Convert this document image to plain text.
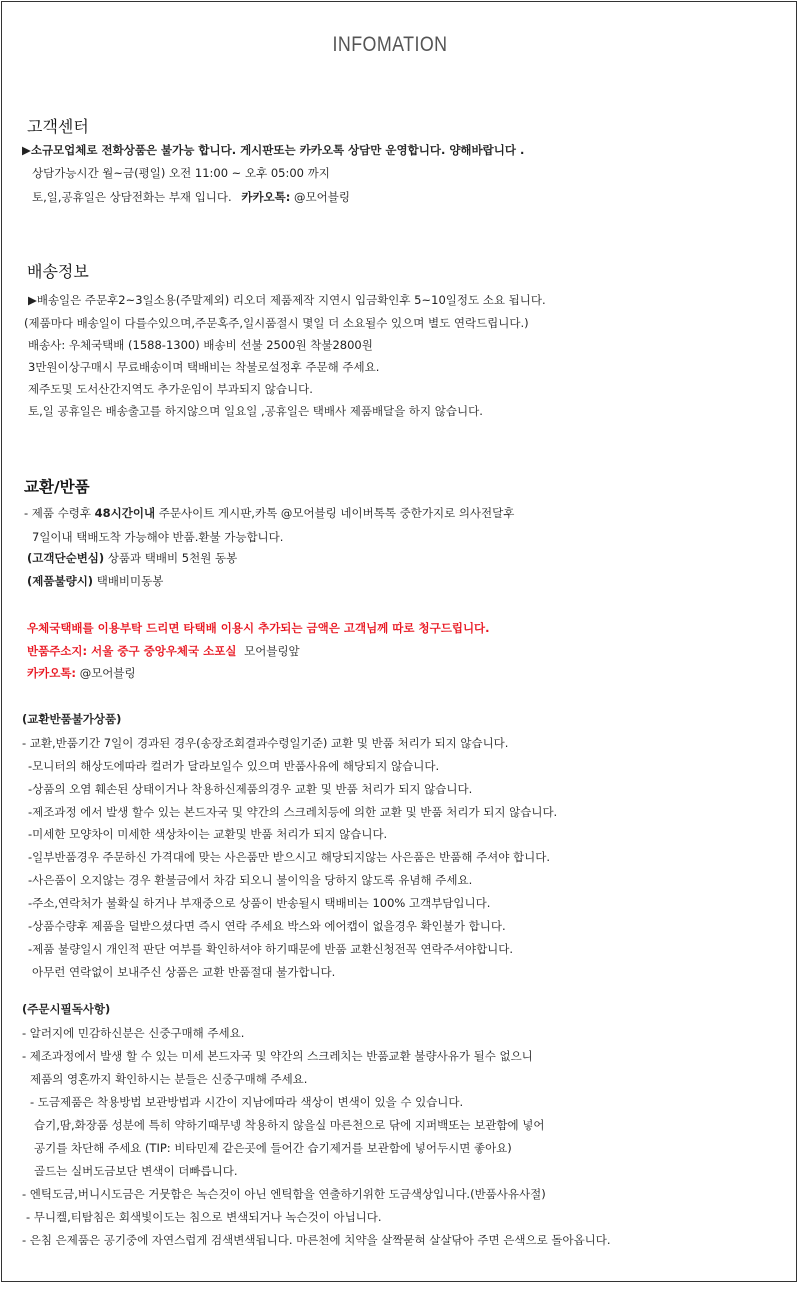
INFOMATION
고객센터
▶소규모업체로 전화상품은 불가능 합니다. 게시판또는 카카오톡 상담만 운영합니다. 양해바랍니다 .
상담가능시간 월~금(평일) 오전 11:00 ~ 오후 05:00 까지
토,일,공휴일은 상담전화는 부재 입니다. 카카오톡: @모어블링
배송정보
▶배송일은 주문후2~3일소용(주말제외) 리오더 제품제작 지연시 입금확인후 5~10일정도 소요 됩니다.
(제품마다 배송일이 다를수있으며,주문혹주,일시품절시 몇일 더 소요될수 있으며 별도 연락드립니다.)
배송사: 우체국택배 (1588-1300) 배송비 선불 2500원 착불2800원
3만원이상구매시 무료배송이며 택배비는 착불로설정후 주문해 주세요.
제주도및 도서산간지역도 추가운임이 부과되지 않습니다.
토,일 공휴일은 배송출고를 하지않으며 일요일 ,공휴일은 택배사 제품배달을 하지 않습니다.
교환/반품
- 제품 수령후 48시간이내 주문사이트 게시판,카톡 @모어블링 네이버톡톡 중한가지로 의사전달후
7일이내 택배도착 가능해야 반품.환불 가능합니다.
(고객단순변심) 상품과 택배비 5천원 동봉
(제품불량시) 택배비미동봉
우체국택배를 이용부탁 드리면 타택배 이용시 추가되는 금액은 고객님께 따로 청구드립니다.
반품주소지: 서울 중구 중앙우체국 소포실 모어블링앞
카카오톡: @모어블링
(교환반품불가상품)
- 교환,반품기간 7일이 경과된 경우(송장조회결과수령일기준) 교환 및 반품 처리가 되지 않습니다.
-모니터의 해상도에따라 컬러가 달라보일수 있으며 반품사유에 해당되지 않습니다.
-상품의 오염 훼손된 상태이거나 착용하신제품의경우 교환 및 반품 처리가 되지 않습니다.
-제조과정 에서 발생 할수 있는 본드자국 및 약간의 스크레치등에 의한 교환 및 반품 처리가 되지 않습니다.
-미세한 모양차이 미세한 색상차이는 교환및 반품 처리가 되지 않습니다.
-일부반품경우 주문하신 가격대에 맞는 사은품만 받으시고 해당되지않는 사은품은 반품해 주셔야 합니다.
-사은품이 오지않는 경우 환불금에서 차감 되오니 불이익을 당하지 않도록 유념해 주세요.
-주소,연락처가 불확실 하거나 부재중으로 상품이 반송될시 택배비는 100% 고객부담입니다.
-상품수량후 제품을 덜받으셨다면 즉시 연락 주세요 박스와 에어캡이 없을경우 확인불가 합니다.
-제품 불량일시 개인적 판단 여부를 확인하셔야 하기때문에 반품 교환신청전꼭 연락주셔야합니다.
아무런 연락없이 보내주신 상품은 교환 반품절대 불가합니다.
(주문시필독사항)
- 알러지에 민감하신분은 신중구매해 주세요.
- 제조과정에서 발생 할 수 있는 미세 본드자국 및 약간의 스크레치는 반품교환 불량사유가 될수 없으니
제품의 영혼까지 확인하시는 분들은 신중구매해 주세요.
- 도금제품은 착용방법 보관방법과 시간이 지남에따라 색상이 변색이 있을 수 있습니다.
습기,땀,화장품 성분에 특히 약하기때무넹 착용하지 않을실 마른천으로 닦에 지퍼백또는 보관함에 넣어
공기를 차단해 주세요 (TIP: 비타민제 같은곳에 들어간 습기제거를 보관함에 넣어두시면 좋아요)
골드는 실버도금보단 변색이 더빠릅니다.
- 엔틱도금,버니시도금은 거뭇함은 녹슨것이 아닌 엔틱함을 연출하기위한 도금색상입니다.(반품사유사절)
- 무니켈,티탐침은 회색빛이도는 침으로 변색되거나 녹슨것이 아닙니다.
- 은침 은제품은 공기중에 자연스럽게 검색변색됩니다. 마른천에 치약을 살짝묻혀 살살닦아 주면 은색으로 돌아옵니다.
